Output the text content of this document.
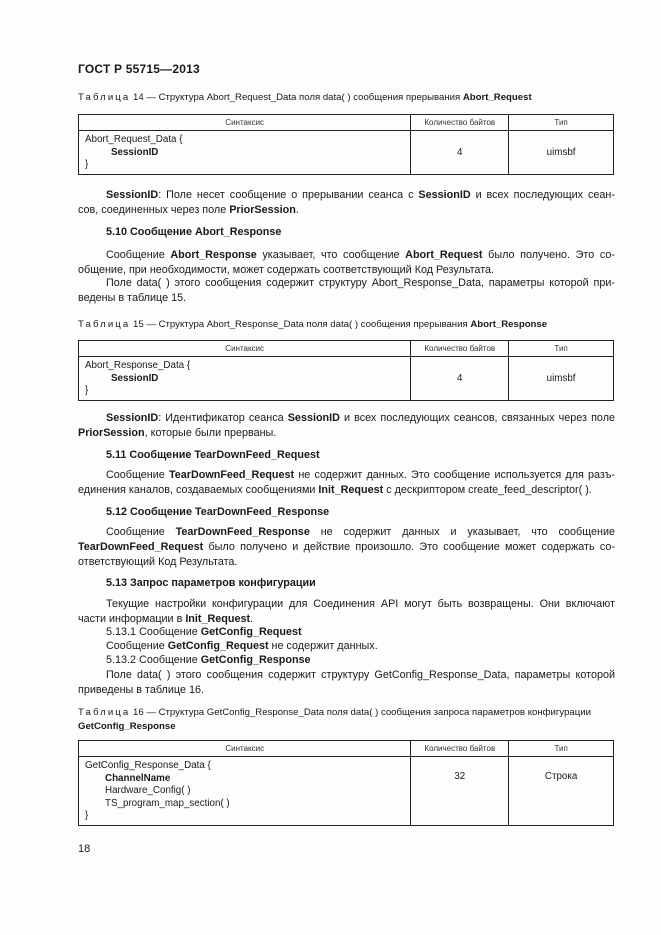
ГОСТ Р 55715—2013
Таблица 14 — Структура Abort_Request_Data поля data( ) сообщения прерывания Abort_Request
Синтаксис	Количество байтов	Тип

Abort_Request_Data {
SessionID
}	4	uimsbf
SessionID: Поле несет сообщение о прерывании сеанса с SessionID и всех последующих сеан-
сов, соединенных через поле PriorSession.
5.10 Сообщение Abort_Response
Сообщение Abort_Response указывает, что сообщение Abort_Request было получено. Это со-
общение, при необходимости, может содержать соответствующий Код Результата.
Поле data( ) этого сообщения содержит структуру Abort_Response_Data, параметры которой при-
ведены в таблице 15.
Таблица 15 — Структура Abort_Response_Data поля data( ) сообщения прерывания Abort_Response
Синтаксис	Количество байтов	Тип

Abort_Response_Data {
SessionID
}	4	uimsbf
SessionID: Идентификатор сеанса SessionID и всех последующих сеансов, связанных через поле
PriorSession, которые были прерваны.
5.11 Сообщение TearDownFeed_Request
Сообщение TearDownFeed_Request не содержит данных. Это сообщение используется для разъ-
единения каналов, создаваемых сообщениями Init_Request с дескриптором create_feed_descriptor( ).
5.12 Сообщение TearDownFeed_Response
Сообщение TearDownFeed_Response не содержит данных и указывает, что сообщение
TearDownFeed_Request было получено и действие произошло. Это сообщение может содержать со-
ответствующий Код Результата.
5.13 Запрос параметров конфигурации
Текущие настройки конфигурации для Соединения API могут быть возвращены. Они включают
части информации в Init_Request.
5.13.1 Сообщение GetConfig_Request
Сообщение GetConfig_Request не содержит данных.
5.13.2 Сообщение GetConfig_Response
Поле data( ) этого сообщения содержит структуру GetConfig_Response_Data, параметры которой
приведены в таблице 16.
Таблица 16 — Структура GetConfig_Response_Data поля data( ) сообщения запроса параметров конфигурации
GetConfig_Response
Синтаксис	Количество байтов	Тип

GetConfig_Response_Data {
ChannelName
Hardware_Config( )
TS_program_map_section( )
}	32	Строка
18
